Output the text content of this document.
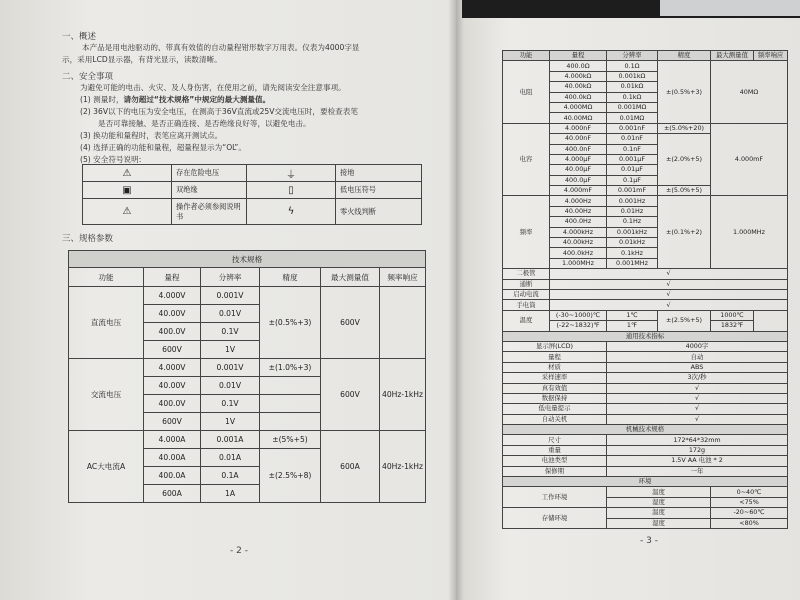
一、概述
本产品是用电池驱动的、带真有效值的自动量程钳形数字万用表。仪表为4000字显
示，采用LCD显示器，有背光显示，读数清晰。
二、安全事项
为避免可能的电击、火灾、及人身伤害，在使用之前，请先阅读安全注意事项。
(1) 测量时，请勿超过“技术规格”中规定的最大测量值。
(2) 36V以下的电压为安全电压，在测高于36V直流或25V交流电压时，要检查表笔
是否可靠接触、是否正确连接、是否绝缘良好等，以避免电击。
(3) 换功能和量程时，表笔应离开测试点。
(4) 选择正确的功能和量程，超量程显示为“OL”。
(5) 安全符号说明:
⚠	存在危险电压	⏚	接地
▣	双绝缘	▯	低电压符号
⚠	操作者必须参阅说明书	ϟ	零火线判断
三、规格参数
技术规格					
功能	量程	分辨率	精度	最大测量值	频率响应
直流电压	4.000V	0.001V	±(0.5%+3)	600V	
	40.00V	0.01V			
	400.0V	0.1V			
	600V	1V			
交流电压	4.000V	0.001V	±(1.0%+3)	600V	40Hz-1kHz
	40.00V	0.01V			
	400.0V	0.1V			
	600V	1V			
AC大电流A	4.000A	0.001A	±(5%+5)	600A	40Hz-1kHz
	40.00A	0.01A	±(2.5%+8)		
	400.0A	0.1A			
	600A	1A			
- 2 -
功能	量程	分辨率	精度	最大测量值	频率响应
电阻	400.0Ω	0.1Ω	±(0.5%+3)	40MΩ	
	4.000kΩ	0.001kΩ			
	40.00kΩ	0.01kΩ			
	400.0kΩ	0.1kΩ			
	4.000MΩ	0.001MΩ			
	40.00MΩ	0.01MΩ			
电容	4.000nF	0.001nF	±(5.0%+20)	4.000mF	
	40.00nF	0.01nF	±(2.0%+5)		
	400.0nF	0.1nF			
	4.000μF	0.001μF			
	40.00μF	0.01μF			
	400.0μF	0.1μF			
	4.000mF	0.001mF	±(5.0%+5)		
频率	4.000Hz	0.001Hz	±(0.1%+2)	1.000MHz	
	40.00Hz	0.01Hz			
	400.0Hz	0.1Hz			
	4.000kHz	0.001kHz			
	40.00kHz	0.01kHz			
	400.0kHz	0.1kHz			
	1.000MHz	0.001MHz			
二极管	√				
通断	√				
启动电流	√				
手电筒	√				
温度	(-30~1000)℃	1℃	±(2.5%+5)	1000℃	
	(-22~1832)℉	1℉		1832℉	
通用技术指标					
显示屏(LCD)		4000字			
量程		自动			
材质		ABS			
采样速率		3次/秒			
真有效值		√			
数据保持		√			
低电量提示		√			
自动关机		√			
机械技术规格					
尺寸		172*64*32mm			
重量		172g			
电池类型		1.5V AA 电池 * 2			
保修期		一年			
环境					
工作环境		温度		0~40℃	
		湿度		<75%	
存储环境		温度		-20~60℃	
		湿度		<80%	
- 3 -
